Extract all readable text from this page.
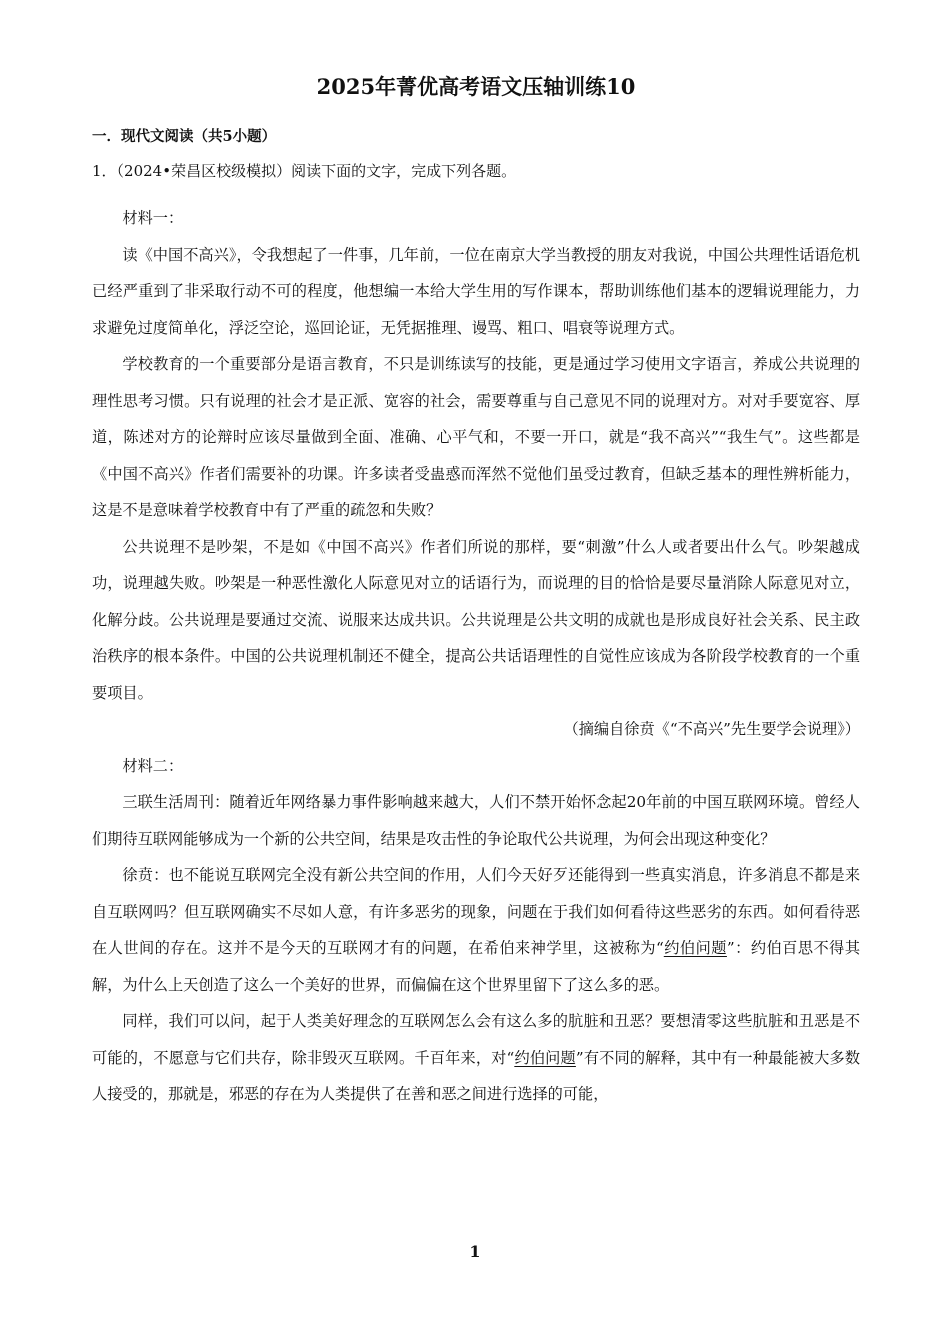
2025年菁优高考语文压轴训练10
一．现代文阅读（共5小题）
1．（2024•荣昌区校级模拟）阅读下面的文字，完成下列各题。

材料一：

读《中国不高兴》，令我想起了一件事，几年前，一位在南京大学当教授的朋友对我说，中国公共理性话语危机已经严重到了非采取行动不可的程度，他想编一本给大学生用的写作课本，帮助训练他们基本的逻辑说理能力，力求避免过度简单化，浮泛空论，巡回论证，无凭据推理、谩骂、粗口、唱衰等说理方式。

学校教育的一个重要部分是语言教育，不只是训练读写的技能，更是通过学习使用文字语言，养成公共说理的理性思考习惯。只有说理的社会才是正派、宽容的社会，需要尊重与自己意见不同的说理对方。对对手要宽容、厚道，陈述对方的论辩时应该尽量做到全面、准确、心平气和，不要一开口，就是“我不高兴”“我生气”。这些都是《中国不高兴》作者们需要补的功课。许多读者受蛊惑而浑然不觉他们虽受过教育，但缺乏基本的理性辨析能力，这是不是意味着学校教育中有了严重的疏忽和失败？

公共说理不是吵架，不是如《中国不高兴》作者们所说的那样，要“刺激”什么人或者要出什么气。吵架越成功，说理越失败。吵架是一种恶性激化人际意见对立的话语行为，而说理的目的恰恰是要尽量消除人际意见对立，化解分歧。公共说理是要通过交流、说服来达成共识。公共说理是公共文明的成就也是形成良好社会关系、民主政治秩序的根本条件。中国的公共说理机制还不健全，提高公共话语理性的自觉性应该成为各阶段学校教育的一个重要项目。

（摘编自徐贲《“不高兴”先生要学会说理》）

材料二：

三联生活周刊：随着近年网络暴力事件影响越来越大，人们不禁开始怀念起20年前的中国互联网环境。曾经人们期待互联网能够成为一个新的公共空间，结果是攻击性的争论取代公共说理，为何会出现这种变化？

徐贲：也不能说互联网完全没有新公共空间的作用，人们今天好歹还能得到一些真实消息，许多消息不都是来自互联网吗？但互联网确实不尽如人意，有许多恶劣的现象，问题在于我们如何看待这些恶劣的东西。如何看待恶在人世间的存在。这并不是今天的互联网才有的问题，在希伯来神学里，这被称为“约伯问题”：约伯百思不得其解，为什么上天创造了这么一个美好的世界，而偏偏在这个世界里留下了这么多的恶。

同样，我们可以问，起于人类美好理念的互联网怎么会有这么多的肮脏和丑恶？要想清零这些肮脏和丑恶是不可能的，不愿意与它们共存，除非毁灭互联网。千百年来，对“约伯问题”有不同的解释，其中有一种最能被大多数人接受的，那就是，邪恶的存在为人类提供了在善和恶之间进行选择的可能，

1
